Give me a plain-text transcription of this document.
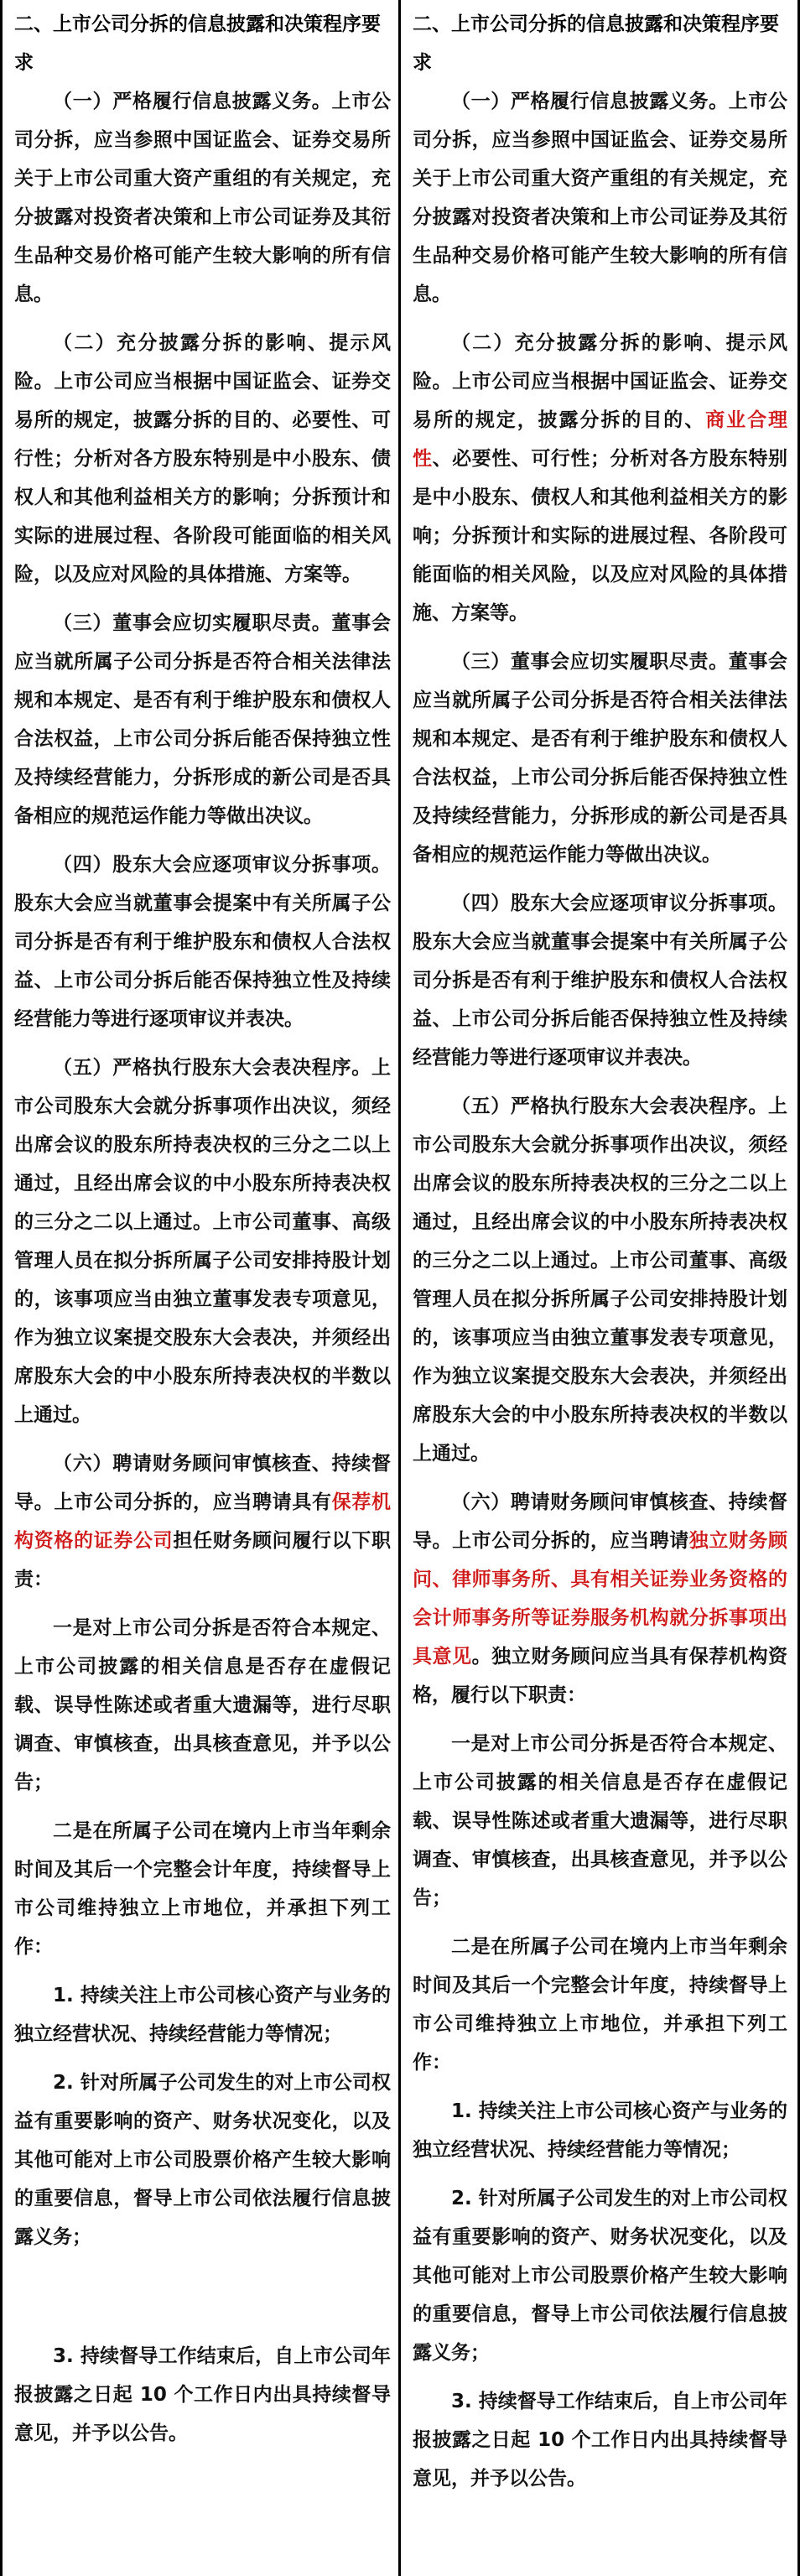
二、上市公司分拆的信息披露和决策程序要求

（一）严格履行信息披露义务。上市公司分拆，应当参照中国证监会、证券交易所关于上市公司重大资产重组的有关规定，充分披露对投资者决策和上市公司证券及其衍生品种交易价格可能产生较大影响的所有信息。

（二）充分披露分拆的影响、提示风险。上市公司应当根据中国证监会、证券交易所的规定，披露分拆的目的、必要性、可行性；分析对各方股东特别是中小股东、债权人和其他利益相关方的影响；分拆预计和实际的进展过程、各阶段可能面临的相关风险，以及应对风险的具体措施、方案等。

（三）董事会应切实履职尽责。董事会应当就所属子公司分拆是否符合相关法律法规和本规定、是否有利于维护股东和债权人合法权益，上市公司分拆后能否保持独立性及持续经营能力，分拆形成的新公司是否具备相应的规范运作能力等做出决议。

（四）股东大会应逐项审议分拆事项。股东大会应当就董事会提案中有关所属子公司分拆是否有利于维护股东和债权人合法权益、上市公司分拆后能否保持独立性及持续经营能力等进行逐项审议并表决。

（五）严格执行股东大会表决程序。上市公司股东大会就分拆事项作出决议，须经出席会议的股东所持表决权的三分之二以上通过，且经出席会议的中小股东所持表决权的三分之二以上通过。上市公司董事、高级管理人员在拟分拆所属子公司安排持股计划的，该事项应当由独立董事发表专项意见，作为独立议案提交股东大会表决，并须经出席股东大会的中小股东所持表决权的半数以上通过。

（六）聘请财务顾问审慎核查、持续督导。上市公司分拆的，应当聘请具有保荐机构资格的证券公司担任财务顾问履行以下职责：

一是对上市公司分拆是否符合本规定、上市公司披露的相关信息是否存在虚假记载、误导性陈述或者重大遗漏等，进行尽职调查、审慎核查，出具核查意见，并予以公告；

二是在所属子公司在境内上市当年剩余时间及其后一个完整会计年度，持续督导上市公司维持独立上市地位，并承担下列工作：

1. 持续关注上市公司核心资产与业务的独立经营状况、持续经营能力等情况；

2. 针对所属子公司发生的对上市公司权益有重要影响的资产、财务状况变化，以及其他可能对上市公司股票价格产生较大影响的重要信息，督导上市公司依法履行信息披露义务；

3. 持续督导工作结束后，自上市公司年报披露之日起 10 个工作日内出具持续督导意见，并予以公告。

二、上市公司分拆的信息披露和决策程序要求

（一）严格履行信息披露义务。上市公司分拆，应当参照中国证监会、证券交易所关于上市公司重大资产重组的有关规定，充分披露对投资者决策和上市公司证券及其衍生品种交易价格可能产生较大影响的所有信息。

（二）充分披露分拆的影响、提示风险。上市公司应当根据中国证监会、证券交易所的规定，披露分拆的目的、商业合理性、必要性、可行性；分析对各方股东特别是中小股东、债权人和其他利益相关方的影响；分拆预计和实际的进展过程、各阶段可能面临的相关风险，以及应对风险的具体措施、方案等。

（三）董事会应切实履职尽责。董事会应当就所属子公司分拆是否符合相关法律法规和本规定、是否有利于维护股东和债权人合法权益，上市公司分拆后能否保持独立性及持续经营能力，分拆形成的新公司是否具备相应的规范运作能力等做出决议。

（四）股东大会应逐项审议分拆事项。股东大会应当就董事会提案中有关所属子公司分拆是否有利于维护股东和债权人合法权益、上市公司分拆后能否保持独立性及持续经营能力等进行逐项审议并表决。

（五）严格执行股东大会表决程序。上市公司股东大会就分拆事项作出决议，须经出席会议的股东所持表决权的三分之二以上通过，且经出席会议的中小股东所持表决权的三分之二以上通过。上市公司董事、高级管理人员在拟分拆所属子公司安排持股计划的，该事项应当由独立董事发表专项意见，作为独立议案提交股东大会表决，并须经出席股东大会的中小股东所持表决权的半数以上通过。

（六）聘请财务顾问审慎核查、持续督导。上市公司分拆的，应当聘请独立财务顾问、律师事务所、具有相关证券业务资格的会计师事务所等证券服务机构就分拆事项出具意见。独立财务顾问应当具有保荐机构资格，履行以下职责：

一是对上市公司分拆是否符合本规定、上市公司披露的相关信息是否存在虚假记载、误导性陈述或者重大遗漏等，进行尽职调查、审慎核查，出具核查意见，并予以公告；

二是在所属子公司在境内上市当年剩余时间及其后一个完整会计年度，持续督导上市公司维持独立上市地位，并承担下列工作：

1. 持续关注上市公司核心资产与业务的独立经营状况、持续经营能力等情况；

2. 针对所属子公司发生的对上市公司权益有重要影响的资产、财务状况变化，以及其他可能对上市公司股票价格产生较大影响的重要信息，督导上市公司依法履行信息披露义务；

3. 持续督导工作结束后，自上市公司年报披露之日起 10 个工作日内出具持续督导意见，并予以公告。
